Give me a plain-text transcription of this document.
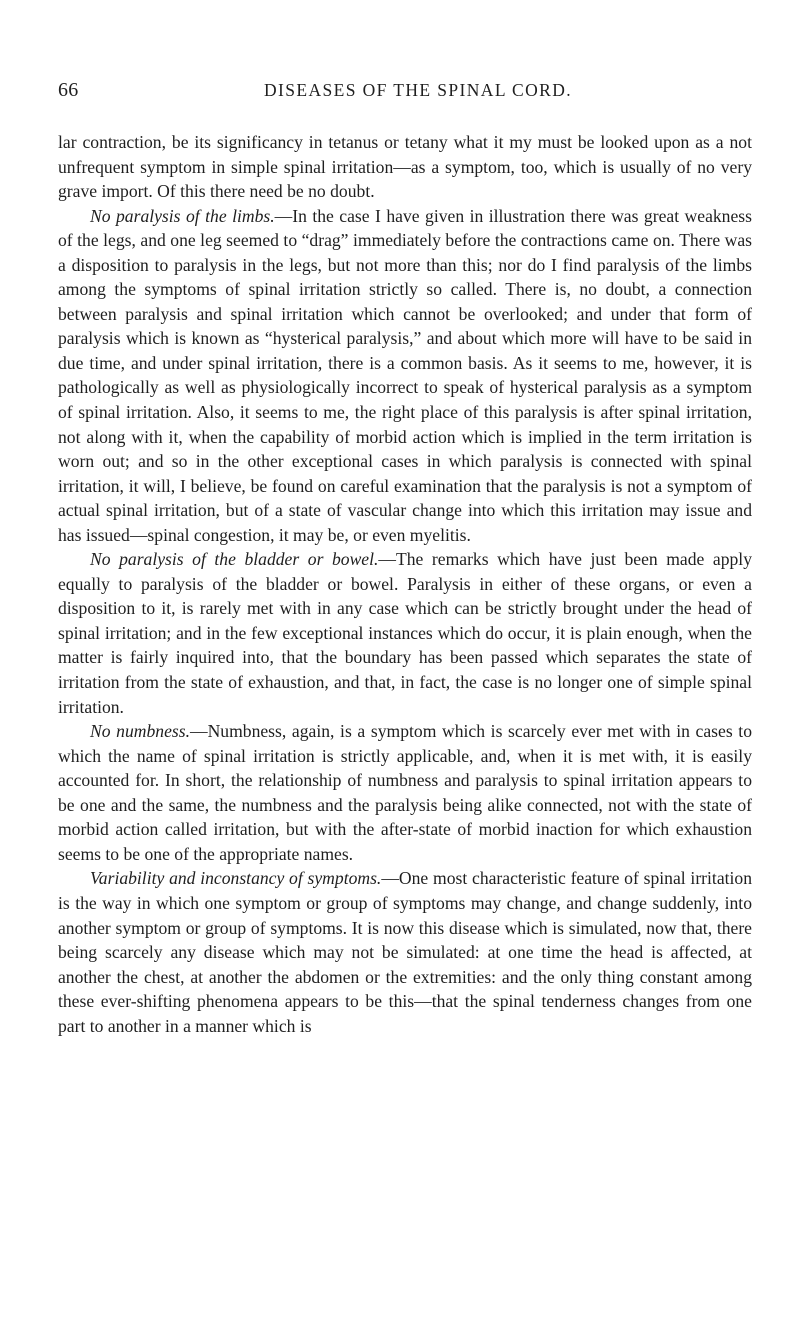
66	DISEASES OF THE SPINAL CORD.

lar contraction, be its significancy in tetanus or tetany what it my must be looked upon as a not unfrequent symptom in simple spinal irritation—as a symptom, too, which is usually of no very grave import. Of this there need be no doubt.

No paralysis of the limbs.—In the case I have given in illustration there was great weakness of the legs, and one leg seemed to “drag” immediately before the contractions came on. There was a disposition to paralysis in the legs, but not more than this; nor do I find paralysis of the limbs among the symptoms of spinal irritation strictly so called. There is, no doubt, a connection between paralysis and spinal irritation which cannot be overlooked; and under that form of paralysis which is known as “hysterical paralysis,” and about which more will have to be said in due time, and under spinal irritation, there is a common basis. As it seems to me, however, it is pathologically as well as physiologically incorrect to speak of hysterical paralysis as a symptom of spinal irritation. Also, it seems to me, the right place of this paralysis is after spinal irritation, not along with it, when the capability of morbid action which is implied in the term irritation is worn out; and so in the other exceptional cases in which paralysis is connected with spinal irritation, it will, I believe, be found on careful examination that the paralysis is not a symptom of actual spinal irritation, but of a state of vascular change into which this irritation may issue and has issued—spinal congestion, it may be, or even myelitis.

No paralysis of the bladder or bowel.—The remarks which have just been made apply equally to paralysis of the bladder or bowel. Paralysis in either of these organs, or even a disposition to it, is rarely met with in any case which can be strictly brought under the head of spinal irritation; and in the few exceptional instances which do occur, it is plain enough, when the matter is fairly inquired into, that the boundary has been passed which separates the state of irritation from the state of exhaustion, and that, in fact, the case is no longer one of simple spinal irritation.

No numbness.—Numbness, again, is a symptom which is scarcely ever met with in cases to which the name of spinal irritation is strictly applicable, and, when it is met with, it is easily accounted for. In short, the relationship of numbness and paralysis to spinal irritation appears to be one and the same, the numbness and the paralysis being alike connected, not with the state of morbid action called irritation, but with the after-state of morbid inaction for which exhaustion seems to be one of the appropriate names.

Variability and inconstancy of symptoms.—One most characteristic feature of spinal irritation is the way in which one symptom or group of symptoms may change, and change suddenly, into another symptom or group of symptoms. It is now this disease which is simulated, now that, there being scarcely any disease which may not be simulated: at one time the head is affected, at another the chest, at another the abdomen or the extremities: and the only thing constant among these ever-shifting phenomena appears to be this—that the spinal tenderness changes from one part to another in a manner which is
